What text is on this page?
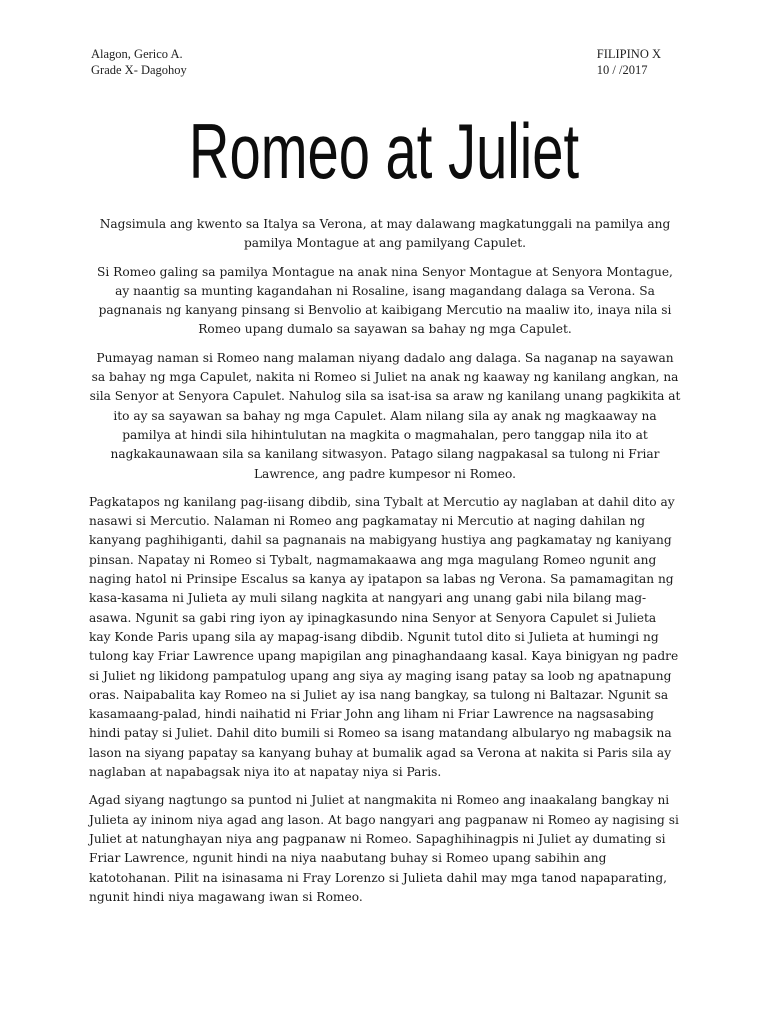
Alagon, Gerico A.
Grade X- Dagohoy
FILIPINO X
10 / /2017
Romeo at Juliet

Nagsimula ang kwento sa Italya sa Verona, at may dalawang magkatunggali na pamilya ang pamilya Montague at ang pamilyang Capulet.

Si Romeo galing sa pamilya Montague na anak nina Senyor Montague at Senyora Montague, ay naantig sa munting kagandahan ni Rosaline, isang magandang dalaga sa Verona. Sa pagnanais ng kanyang pinsang si Benvolio at kaibigang Mercutio na maaliw ito, inaya nila si Romeo upang dumalo sa sayawan sa bahay ng mga Capulet.

Pumayag naman si Romeo nang malaman niyang dadalo ang dalaga. Sa naganap na sayawan sa bahay ng mga Capulet, nakita ni Romeo si Juliet na anak ng kaaway ng kanilang angkan, na sila Senyor at Senyora Capulet. Nahulog sila sa isat-isa sa araw ng kanilang unang pagkikita at ito ay sa sayawan sa bahay ng mga Capulet. Alam nilang sila ay anak ng magkaaway na pamilya at hindi sila hihintulutan na magkita o magmahalan, pero tanggap nila ito at nagkakaunawaan sila sa kanilang sitwasyon. Patago silang nagpakasal sa tulong ni Friar Lawrence, ang padre kumpesor ni Romeo.

Pagkatapos ng kanilang pag-iisang dibdib, sina Tybalt at Mercutio ay naglaban at dahil dito ay nasawi si Mercutio. Nalaman ni Romeo ang pagkamatay ni Mercutio at naging dahilan ng kanyang paghihiganti, dahil sa pagnanais na mabigyang hustiya ang pagkamatay ng kaniyang pinsan. Napatay ni Romeo si Tybalt, nagmamakaawa ang mga magulang Romeo ngunit ang naging hatol ni Prinsipe Escalus sa kanya ay ipatapon sa labas ng Verona. Sa pamamagitan ng kasa-kasama ni Julieta ay muli silang nagkita at nangyari ang unang gabi nila bilang mag-asawa. Ngunit sa gabi ring iyon ay ipinagkasundo nina Senyor at Senyora Capulet si Julieta kay Konde Paris upang sila ay mapag-isang dibdib. Ngunit tutol dito si Julieta at humingi ng tulong kay Friar Lawrence upang mapigilan ang pinaghandaang kasal. Kaya binigyan ng padre si Juliet ng likidong pampatulog upang ang siya ay maging isang patay sa loob ng apatnapung oras. Naipabalita kay Romeo na si Juliet ay isa nang bangkay, sa tulong ni Baltazar. Ngunit sa kasamaang-palad, hindi naihatid ni Friar John ang liham ni Friar Lawrence na nagsasabing hindi patay si Juliet. Dahil dito bumili si Romeo sa isang matandang albularyo ng mabagsik na lason na siyang papatay sa kanyang buhay at bumalik agad sa Verona at nakita si Paris sila ay naglaban at napabagsak niya ito at napatay niya si Paris.

Agad siyang nagtungo sa puntod ni Juliet at nangmakita ni Romeo ang inaakalang bangkay ni Julieta ay ininom niya agad ang lason. At bago nangyari ang pagpanaw ni Romeo ay nagising si Juliet at natunghayan niya ang pagpanaw ni Romeo. Sapaghihinagpis ni Juliet ay dumating si Friar Lawrence, ngunit hindi na niya naabutang buhay si Romeo upang sabihin ang katotohanan. Pilit na isinasama ni Fray Lorenzo si Julieta dahil may mga tanod napaparating, ngunit hindi niya magawang iwan si Romeo.
